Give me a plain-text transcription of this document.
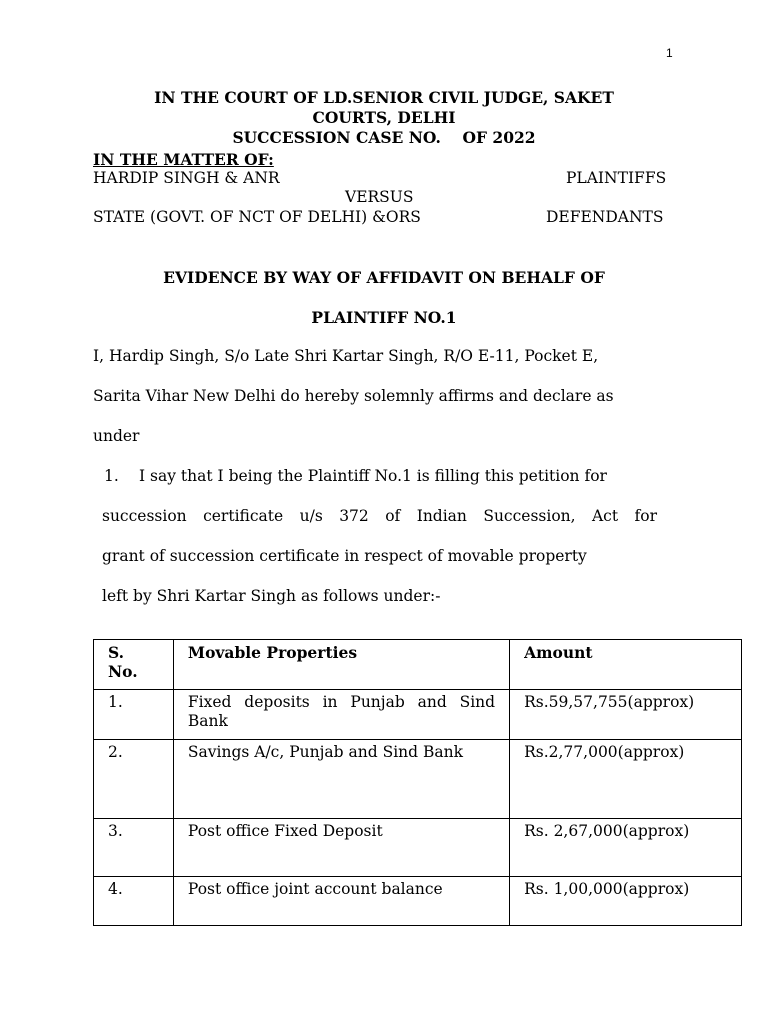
1
IN THE COURT OF LD.SENIOR CIVIL JUDGE, SAKET
COURTS, DELHI
SUCCESSION CASE NO.    OF 2022
IN THE MATTER OF:
HARDIP SINGH & ANR	PLAINTIFFS
VERSUS
STATE (GOVT. OF NCT OF DELHI) &ORS	DEFENDANTS
EVIDENCE BY WAY OF AFFIDAVIT ON BEHALF OF
PLAINTIFF NO.1
I, Hardip Singh, S/o Late Shri Kartar Singh, R/O E-11, Pocket E,
Sarita Vihar New Delhi do hereby solemnly affirms and declare as
under
1. I say that I being the Plaintiff No.1 is filling this petition for
succession certificate u/s 372 of Indian Succession, Act for
grant of succession certificate in respect of movable property
left by Shri Kartar Singh as follows under:-
S. No.	Movable Properties	Amount
1.	Fixed deposits in Punjab and Sind Bank	Rs.59,57,755(approx)
2.	Savings A/c, Punjab and Sind Bank	Rs.2,77,000(approx)
3.	Post office Fixed Deposit	Rs. 2,67,000(approx)
4.	Post office joint account balance	Rs. 1,00,000(approx)
